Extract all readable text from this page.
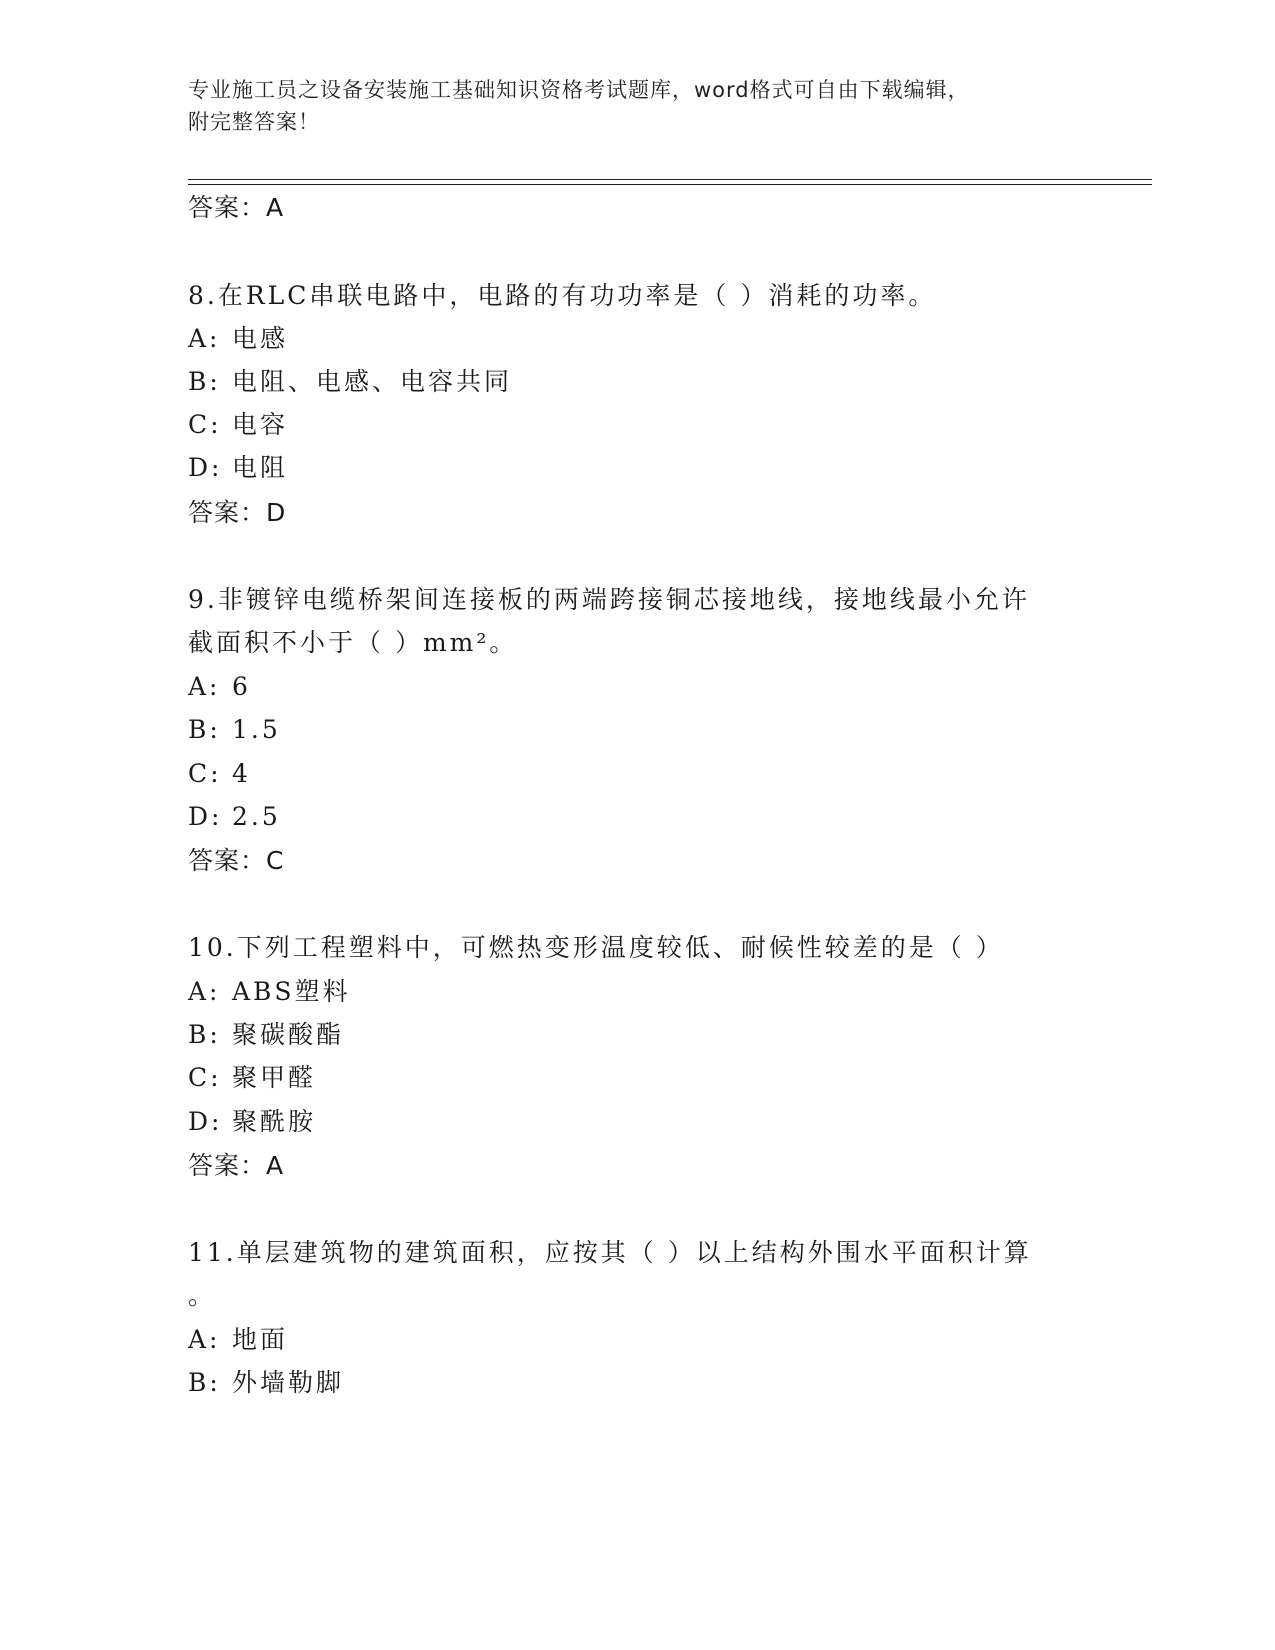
专业施工员之设备安装施工基础知识资格考试题库，word格式可自由下载编辑，
附完整答案！
答案：A
8.在RLC串联电路中，电路的有功功率是（ ）消耗的功率。
A: 电感
B: 电阻、电感、电容共同
C: 电容
D: 电阻
答案：D
9.非镀锌电缆桥架间连接板的两端跨接铜芯接地线，接地线最小允许
截面积不小于（ ）mm²。
A: 6
B: 1.5
C: 4
D: 2.5
答案：C
10.下列工程塑料中，可燃热变形温度较低、耐候性较差的是（ ）
A: ABS塑料
B: 聚碳酸酯
C: 聚甲醛
D: 聚酰胺
答案：A
11.单层建筑物的建筑面积，应按其（ ）以上结构外围水平面积计算
。
A: 地面
B: 外墙勒脚
